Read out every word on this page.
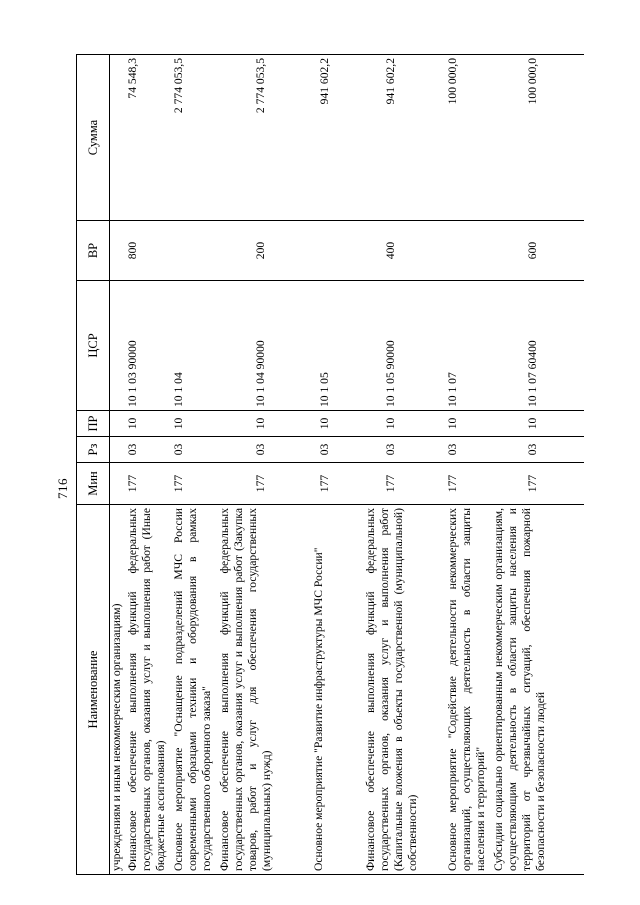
716
Наименование	Мин	Рз	ПР	ЦСР	ВР	Сумма
учреждениям и иным некоммерческим организациям)						
Финансовое обеспечение выполнения функций федеральных государственных органов, оказания услуг и выполнения работ (Иные бюджетные ассигнования)	177	03	10	10 1 03 90000	800	74 548,3
Основное мероприятие "Оснащение подразделений МЧС России современными образцами техники и оборудования в рамках государственного оборонного заказа"	177	03	10	10 1 04		2 774 053,5
Финансовое обеспечение выполнения функций федеральных государственных органов, оказания услуг и выполнения работ (Закупка товаров, работ и услуг для обеспечения государственных (муниципальных) нужд)	177	03	10	10 1 04 90000	200	2 774 053,5
Основное мероприятие "Развитие инфраструктуры МЧС России"	177	03	10	10 1 05		941 602,2
Финансовое обеспечение выполнения функций федеральных государственных органов, оказания услуг и выполнения работ (Капитальные вложения в объекты государственной (муниципальной) собственности)	177	03	10	10 1 05 90000	400	941 602,2
Основное мероприятие "Содействие деятельности некоммерческих организаций, осуществляющих деятельность в области защиты населения и территорий"	177	03	10	10 1 07		100 000,0
Субсидии социально ориентированным некоммерческим организациям, осуществляющим деятельность в области защиты населения и территорий от чрезвычайных ситуаций, обеспечения пожарной безопасности и безопасности людей	177	03	10	10 1 07 60400	600	100 000,0
